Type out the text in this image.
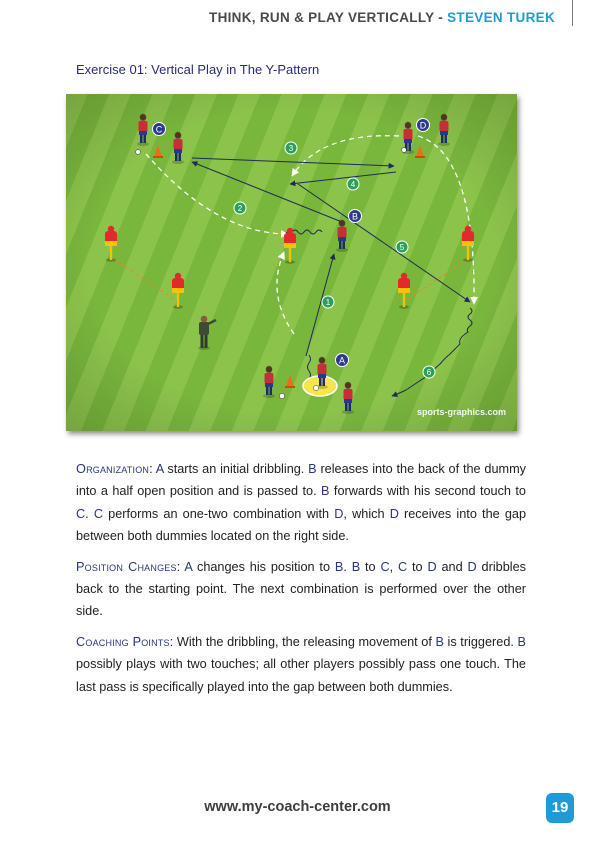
THINK, RUN & PLAY VERTICALLY - STEVEN TUREK
Exercise 01: Vertical Play in The Y-Pattern
C	D
B
A
1
2
3
4
5
6
sports-graphics.com

Organization: A starts an initial dribbling. B releases into the back of the dummy into a half open position and is passed to. B forwards with his second touch to C. C performs an one-two combination with D, which D receives into the gap between both dummies located on the right side.

Position Changes: A changes his position to B. B to C, C to D and D dribbles back to the starting point. The next combination is performed over the other side.

Coaching Points: With the dribbling, the releasing movement of B is triggered. B possibly plays with two touches; all other players possibly pass one touch. The last pass is specifically played into the gap between both dummies.

www.my-coach-center.com	19
